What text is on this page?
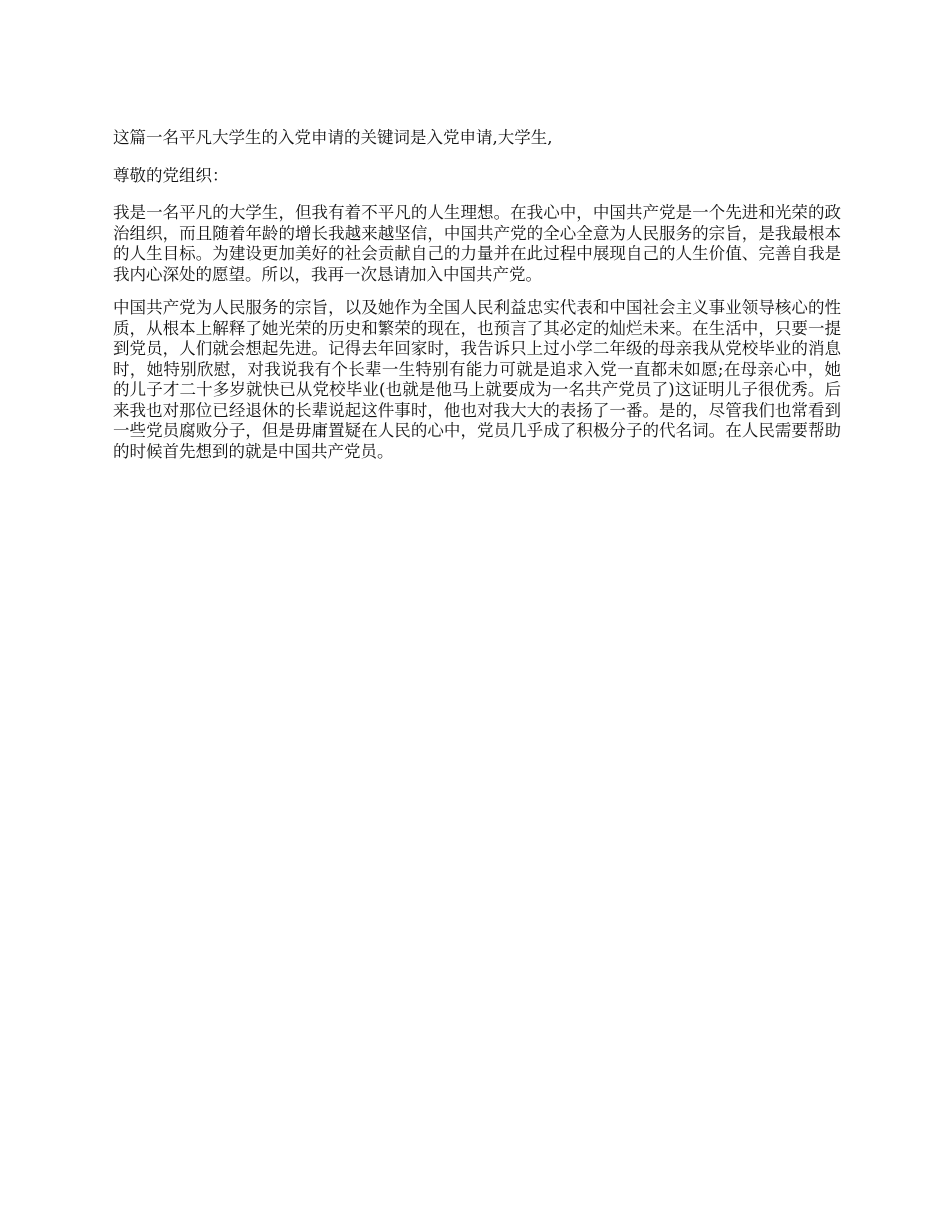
这篇一名平凡大学生的入党申请的关键词是入党申请,大学生,

尊敬的党组织：

我是一名平凡的大学生，但我有着不平凡的人生理想。在我心中，中国共产党是一个先进和光荣的政治组织，而且随着年龄的增长我越来越坚信，中国共产党的全心全意为人民服务的宗旨，是我最根本的人生目标。为建设更加美好的社会贡献自己的力量并在此过程中展现自己的人生价值、完善自我是我内心深处的愿望。所以，我再一次恳请加入中国共产党。

中国共产党为人民服务的宗旨，以及她作为全国人民利益忠实代表和中国社会主义事业领导核心的性质，从根本上解释了她光荣的历史和繁荣的现在，也预言了其必定的灿烂未来。在生活中，只要一提到党员，人们就会想起先进。记得去年回家时，我告诉只上过小学二年级的母亲我从党校毕业的消息时，她特别欣慰，对我说我有个长辈一生特别有能力可就是追求入党一直都未如愿;在母亲心中，她的儿子才二十多岁就快已从党校毕业(也就是他马上就要成为一名共产党员了)这证明儿子很优秀。后来我也对那位已经退休的长辈说起这件事时，他也对我大大的表扬了一番。是的，尽管我们也常看到一些党员腐败分子，但是毋庸置疑在人民的心中，党员几乎成了积极分子的代名词。在人民需要帮助的时候首先想到的就是中国共产党员。
